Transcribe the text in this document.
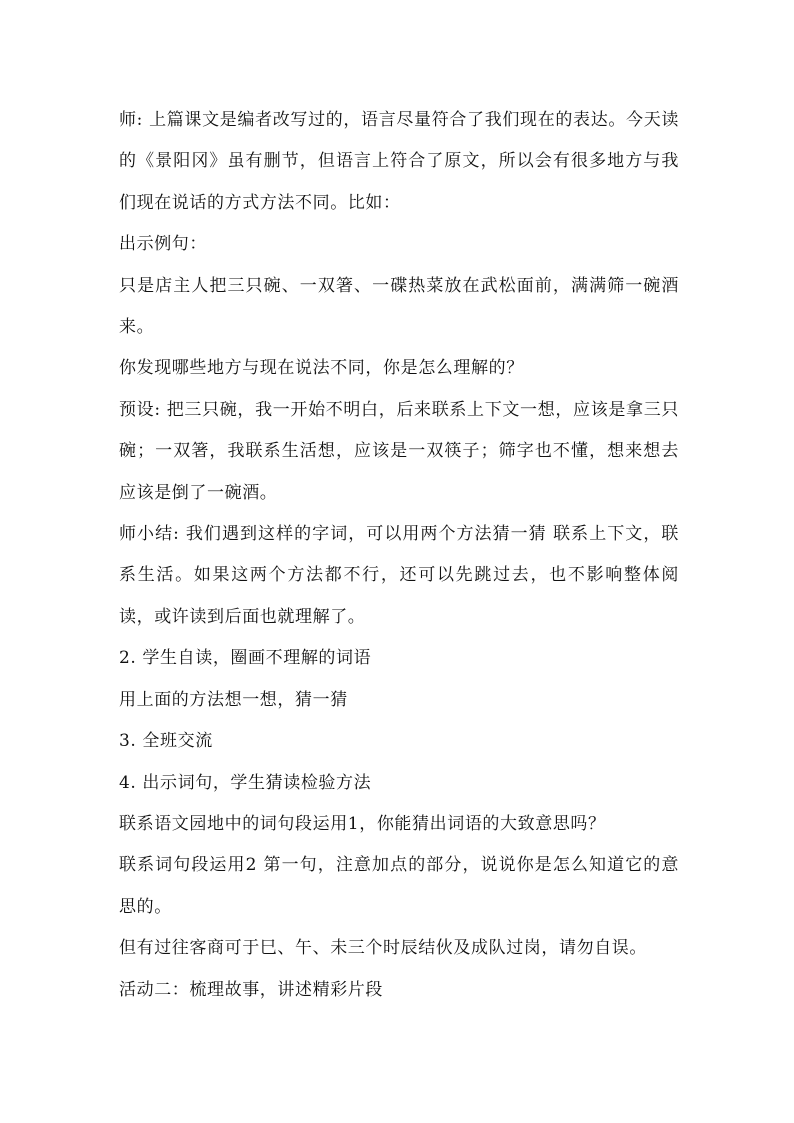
师: 上篇课文是编者改写过的，语言尽量符合了我们现在的表达。今天读的《景阳冈》虽有删节，但语言上符合了原文，所以会有很多地方与我们现在说话的方式方法不同。比如：

出示例句：

只是店主人把三只碗、一双箸、一碟热菜放在武松面前，满满筛一碗酒来。

你发现哪些地方与现在说法不同，你是怎么理解的？

预设: 把三只碗，我一开始不明白，后来联系上下文一想，应该是拿三只碗；一双箸，我联系生活想，应该是一双筷子；筛字也不懂，想来想去应该是倒了一碗酒。

师小结: 我们遇到这样的字词，可以用两个方法猜一猜 联系上下文，联系生活。如果这两个方法都不行，还可以先跳过去，也不影响整体阅读，或许读到后面也就理解了。

2. 学生自读，圈画不理解的词语

用上面的方法想一想，猜一猜

3. 全班交流

4. 出示词句，学生猜读检验方法

联系语文园地中的词句段运用1，你能猜出词语的大致意思吗？

联系词句段运用2 第一句，注意加点的部分，说说你是怎么知道它的意思的。

但有过往客商可于巳、午、未三个时辰结伙及成队过岗，请勿自误。

活动二：梳理故事，讲述精彩片段
